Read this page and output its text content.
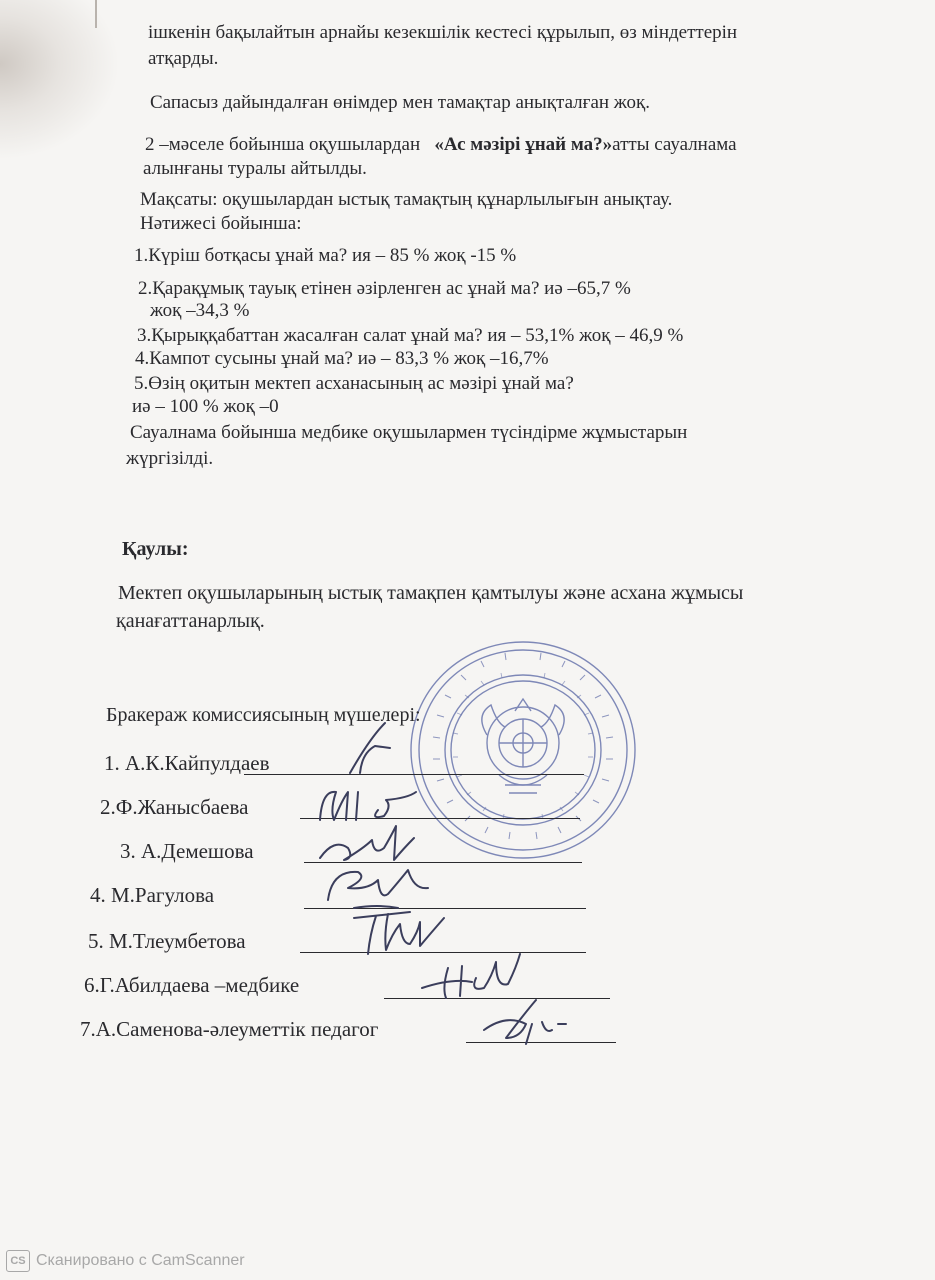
ішкенін бақылайтын арнайы кезекшілік кестесі құрылып, өз міндеттерін
атқарды.
Сапасыз дайындалған өнімдер мен тамақтар анықталған жоқ.
2 –мәселе бойынша оқушылардан «Ас мәзірі ұнай ма?»атты сауалнама
алынғаны туралы айтылды.
Мақсаты: оқушылардан ыстық тамақтың құнарлылығын анықтау.
Нәтижесі бойынша:
1.Күріш ботқасы ұнай ма? ия – 85 % жоқ -15 %
2.Қарақұмық тауық етінен әзірленген ас ұнай ма? иә –65,7 %
жоқ –34,3 %
3.Қырыққабаттан жасалған салат ұнай ма? ия – 53,1% жоқ – 46,9 %
4.Кампот сусыны ұнай ма? иә – 83,3 % жоқ –16,7%
5.Өзің оқитын мектеп асханасының ас мәзірі ұнай ма?
иә – 100 % жоқ –0
Сауалнама бойынша медбике оқушылармен түсіндірме жұмыстарын
жүргізілді.
Қаулы:
Мектеп оқушыларының ыстық тамақпен қамтылуы және асхана жұмысы
қанағаттанарлық.
Бракераж комиссиясының мүшелері:
1. А.К.Кайпулдаев
2.Ф.Жанысбаева
3. А.Демешова
4. М.Рагулова
5. М.Тлеумбетова
6.Г.Абилдаева –медбике
7.А.Саменова-әлеуметтік педагог
CS Сканировано с CamScanner
